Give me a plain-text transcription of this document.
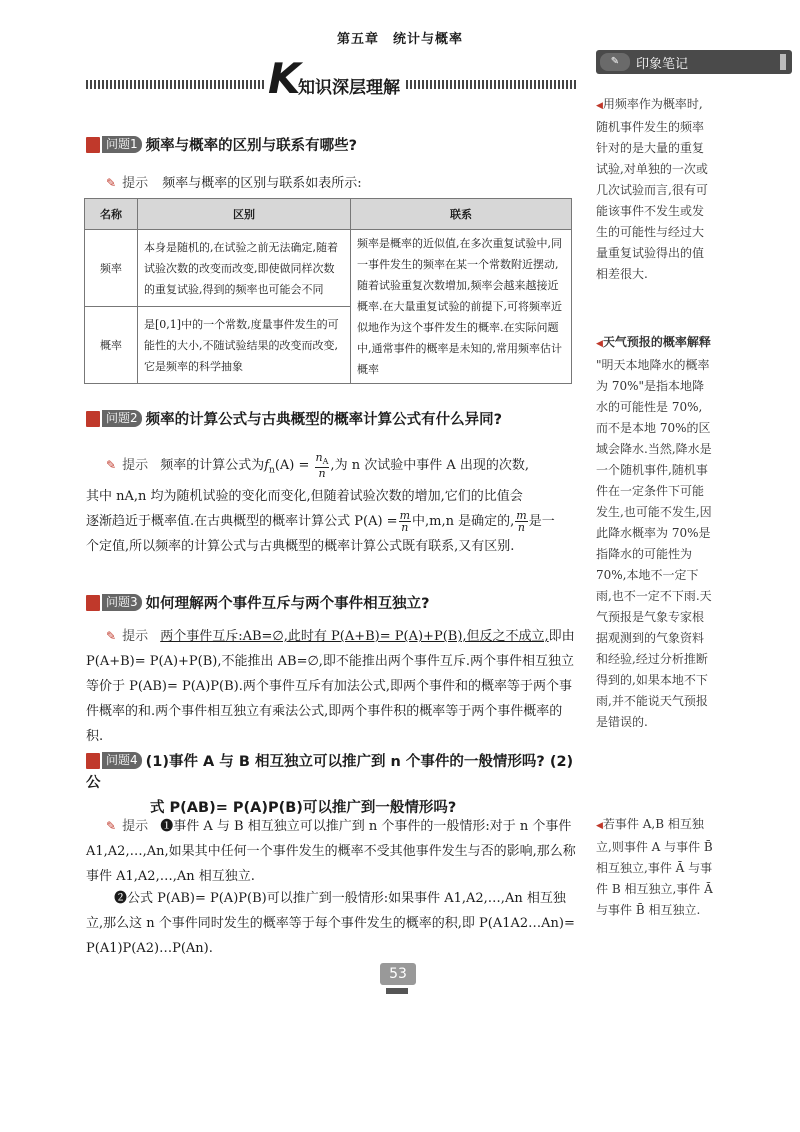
第五章　统计与概率
K
知识深层理解
✎	印象笔记
问题1 频率与概率的区别与联系有哪些?
✎ 提示 频率与概率的区别与联系如表所示:
名称	区别	联系
频率	本身是随机的,在试验之前无法确定,随着试验次数的改变而改变,即使做同样次数的重复试验,得到的频率也可能会不同	频率是概率的近似值,在多次重复试验中,同一事件发生的频率在某一个常数附近摆动,随着试验重复次数增加,频率会越来越接近概率.在大量重复试验的前提下,可将频率近似地作为这个事件发生的概率.在实际问题中,通常事件的概率是未知的,常用频率估计概率
概率	是[0,1]中的一个常数,度量事件发生的可能性的大小,不随试验结果的改变而改变,它是频率的科学抽象	
问题2 频率的计算公式与古典概型的概率计算公式有什么异同?
✎ 提示 频率的计算公式为$f_n(A) = \frac{n_A}{n}$ ,为 n 次试验中事件 A 出现的次数,
其中 nA,n 均为随机试验的变化而变化,但随着试验次数的增加,它们的比值会
逐渐趋近于概率值.在古典概型的概率计算公式 $P(A) = \frac{m}{n}$ 中,m,n 是确定的, $\frac{m}{n}$ 是一
个定值,所以频率的计算公式与古典概型的概率计算公式既有联系,又有区别.
问题3 如何理解两个事件互斥与两个事件相互独立?
✎ 提示 两个事件互斥:AB=∅,此时有 P(A+B)= P(A)+P(B),但反之不成立,即由 P(A+B)= P(A)+P(B),不能推出 AB=∅,即不能推出两个事件互斥.两个事件相互独立等价于 P(AB)= P(A)P(B).两个事件互斥有加法公式,即两个事件和的概率等于两个事件概率的和.两个事件相互独立有乘法公式,即两个事件积的概率等于两个事件概率的积.
问题4 (1)事件 A 与 B 相互独立可以推广到 n 个事件的一般情形吗? (2)公
式 P(AB)= P(A)P(B)可以推广到一般情形吗?
✎ 提示 ❶事件 A 与 B 相互独立可以推广到 n 个事件的一般情形:对于 n 个事件 A1,A2,…,An,如果其中任何一个事件发生的概率不受其他事件发生与否的影响,那么称事件 A1,A2,…,An 相互独立.
❷公式 P(AB)= P(A)P(B)可以推广到一般情形:如果事件 A1,A2,…,An 相互独立,那么这 n 个事件同时发生的概率等于每个事件发生的概率的积,即 P(A1A2…An)= P(A1)P(A2)…P(An).
◀用频率作为概率时,随机事件发生的频率针对的是大量的重复试验,对单独的一次或几次试验而言,很有可能该事件不发生或发生的可能性与经过大量重复试验得出的值相差很大.
◀天气预报的概率解释
"明天本地降水的概率为 70%"是指本地降水的可能性是 70%,而不是本地 70%的区域会降水.当然,降水是一个随机事件,随机事件在一定条件下可能发生,也可能不发生,因此降水概率为 70%是指降水的可能性为 70%,本地不一定下雨,也不一定不下雨.天气预报是气象专家根据观测到的气象资料和经验,经过分析推断得到的,如果本地不下雨,并不能说天气预报是错误的.
◀若事件 A,B 相互独立,则事件 A 与事件 B̄ 相互独立,事件 Ā 与事件 B 相互独立,事件 Ā 与事件 B̄ 相互独立.
53
